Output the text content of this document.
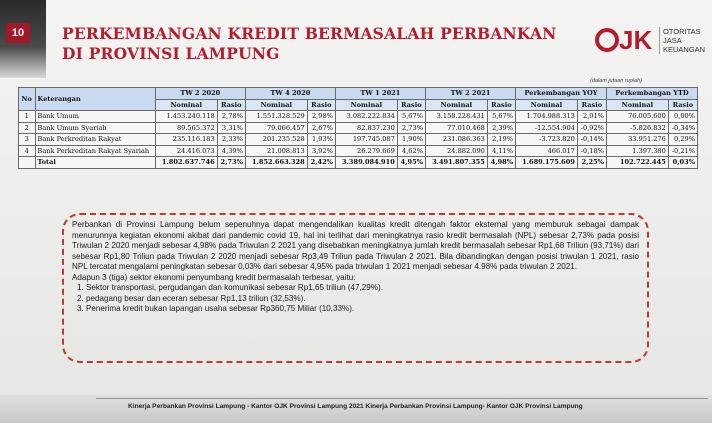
10	PERKEMBANGAN KREDIT BERMASALAH PERBANKAN DI PROVINSI LAMPUNG	JK OTORITAS
JASA
KEUANGAN
(dalam jutaan rupiah)
No	Keterangan	TW 2 2020		TW 4 2020		TW 1 2021		TW 2 2021		Perkembangan YOY		Perkembangan YTD	
		Nominal	Rasio	Nominal	Rasio	Nominal	Rasio	Nominal	Rasio	Nominal	Rasio	Nominal	Rasio
1	Bank Umum	1.453.240.118	2,78%	1.551.328.529	2,98%	3.082.222.834	5,67%	3.158.228.431	5,67%	1.704.988.313	2,91%	76.005.600	0,00%
2	Bank Umum Syariah	89.565.372	3,31%	79.066.457	2,67%	82.837.230	2,73%	77.010.468	2,39%	-12.554.904	-0,92%	-5.826.832	-0,34%
3	Bank Perkreditan Rakyat	235.116.183	2,33%	201.235.528	1,93%	197.745.087	1,90%	231.086.363	2,19%	-3.723.820	-0,14%	33.951.276	0,29%
4	Bank Perkreditan Rakyat Syariah	24.416.073	4,39%	21.008.813	3,92%	26.279.669	4,62%	24.882.090	4,11%	466.017	-0,18%	1.397.380	-0,21%
	Total	1.802.637.746	2,73%	1.852.663.328	2,42%	3.389.084.910	4,95%	3.491.807.355	4,98%	1.689.175.609	2,25%	102.722.445	0,03%

Perbankan di Provinsi Lampung belum sepenuhnya dapat mengendalikan kualitas kredit ditengah faktor eksternal yang memburuk sebagai dampak menurunnya kegiatan ekonomi akibat dari pandemic covid 19, hal ini terlihat dari meningkatnya rasio kredit bermasalah (NPL) sebesar 2,73% pada posisi Triwulan 2 2020 menjadi sebesar 4,98% pada Triwulan 2 2021 yang disebabkan meningkatnya jumlah kredit bermasalah sebesar Rp1,68 Triliun (93,71%) dari sebesar Rp1,80 Triliun pada Triwulan 2 2020 menjadi sebesar Rp3,49 Triliun pada Triwulan 2 2021. Bila dibandingkan dengan posisi triwulan 1 2021, rasio NPL tercatat mengalami peningkatan sebesar 0,03% dari sebesar 4,95% pada triwulan 1 2021 menjadi sebesar 4.98% pada triwulan 2 2021.

Adapun 3 (tiga) sektor ekonomi penyumbang kredit bermasalah terbesar, yaitu:

1. Sektor transportasi, pergudangan dan komunikasi sebesar Rp1,65 triliun (47,29%).
2. pedagang besar dan eceran sebesar Rp1,13 triliun (32,53%).
3. Penerima kredit bukan lapangan usaha sebesar Rp360,75 Miliar (10,33%).
Kinerja Perbankan Provinsi Lampung - Kantor OJK Provinsi Lampung 2021 Kinerja Perbankan Provinsi Lampung- Kantor OJK Provinsi Lampung
